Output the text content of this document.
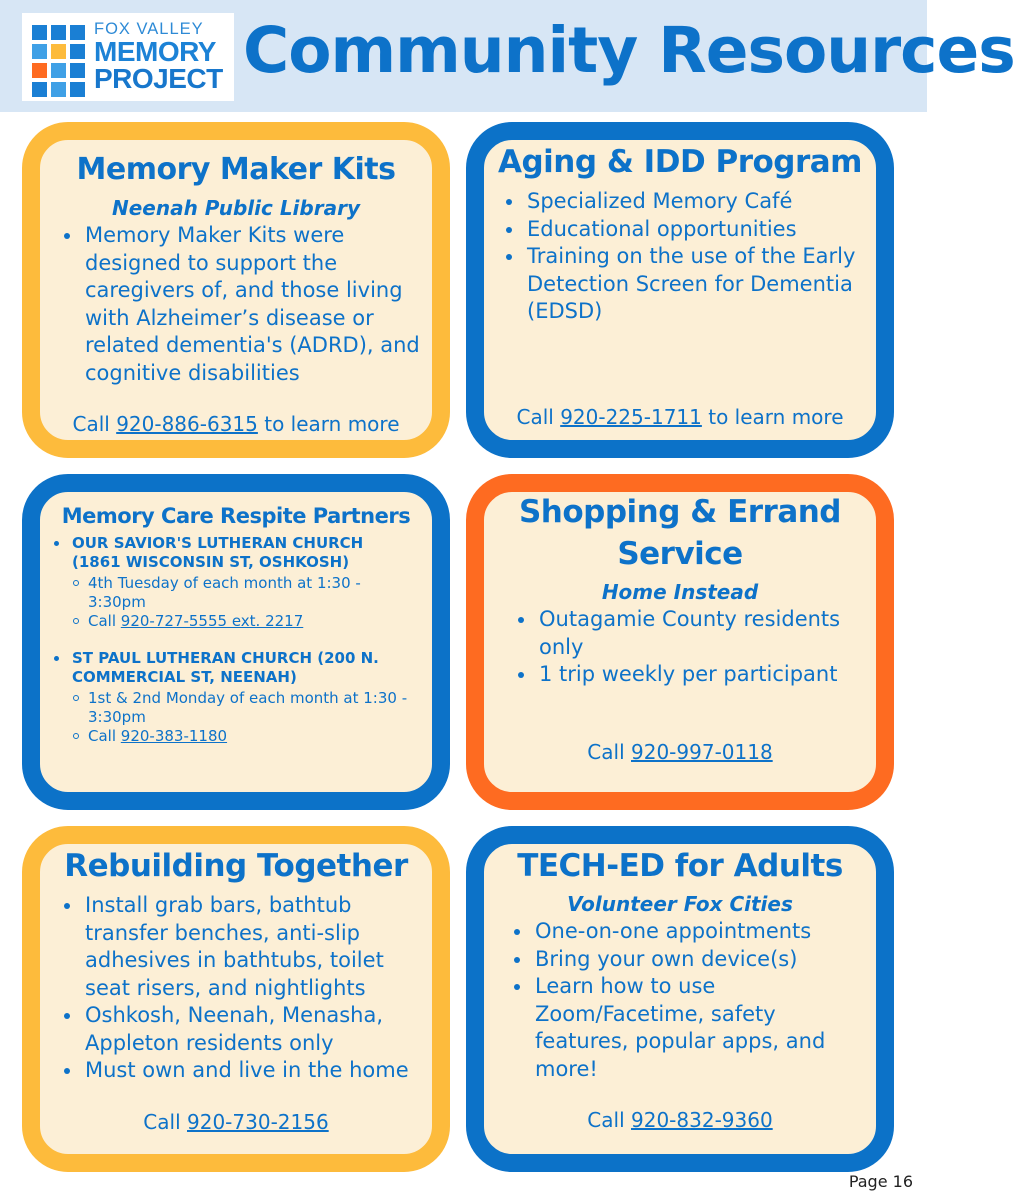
FOX VALLEY
MEMORY
PROJECT Community Resources
Memory Maker Kits
Neenah Public Library
Memory Maker Kits were designed to support the caregivers of, and those living with Alzheimer’s disease or related dementia's (ADRD), and cognitive disabilities
Call 920-886-6315 to learn more
Aging & IDD Program
Specialized Memory Café
Educational opportunities
Training on the use of the Early Detection Screen for Dementia (EDSD)
Call 920-225-1711 to learn more
Memory Care Respite Partners
OUR SAVIOR'S LUTHERAN CHURCH (1861 WISCONSIN ST, OSHKOSH)
4th Tuesday of each month at 1:30 - 3:30pm
Call 920-727-5555 ext. 2217
ST PAUL LUTHERAN CHURCH (200 N. COMMERCIAL ST, NEENAH)
1st & 2nd Monday of each month at 1:30 - 3:30pm
Call 920-383-1180
Shopping & Errand
Service
Home Instead
Outagamie County residents only
1 trip weekly per participant
Call 920-997-0118
Rebuilding Together
Install grab bars, bathtub transfer benches, anti-slip adhesives in bathtubs, toilet seat risers, and nightlights
Oshkosh, Neenah, Menasha, Appleton residents only
Must own and live in the home
Call 920-730-2156
TECH-ED for Adults
Volunteer Fox Cities
One-on-one appointments
Bring your own device(s)
Learn how to use Zoom/Facetime, safety features, popular apps, and more!
Call 920-832-9360
Page 16
